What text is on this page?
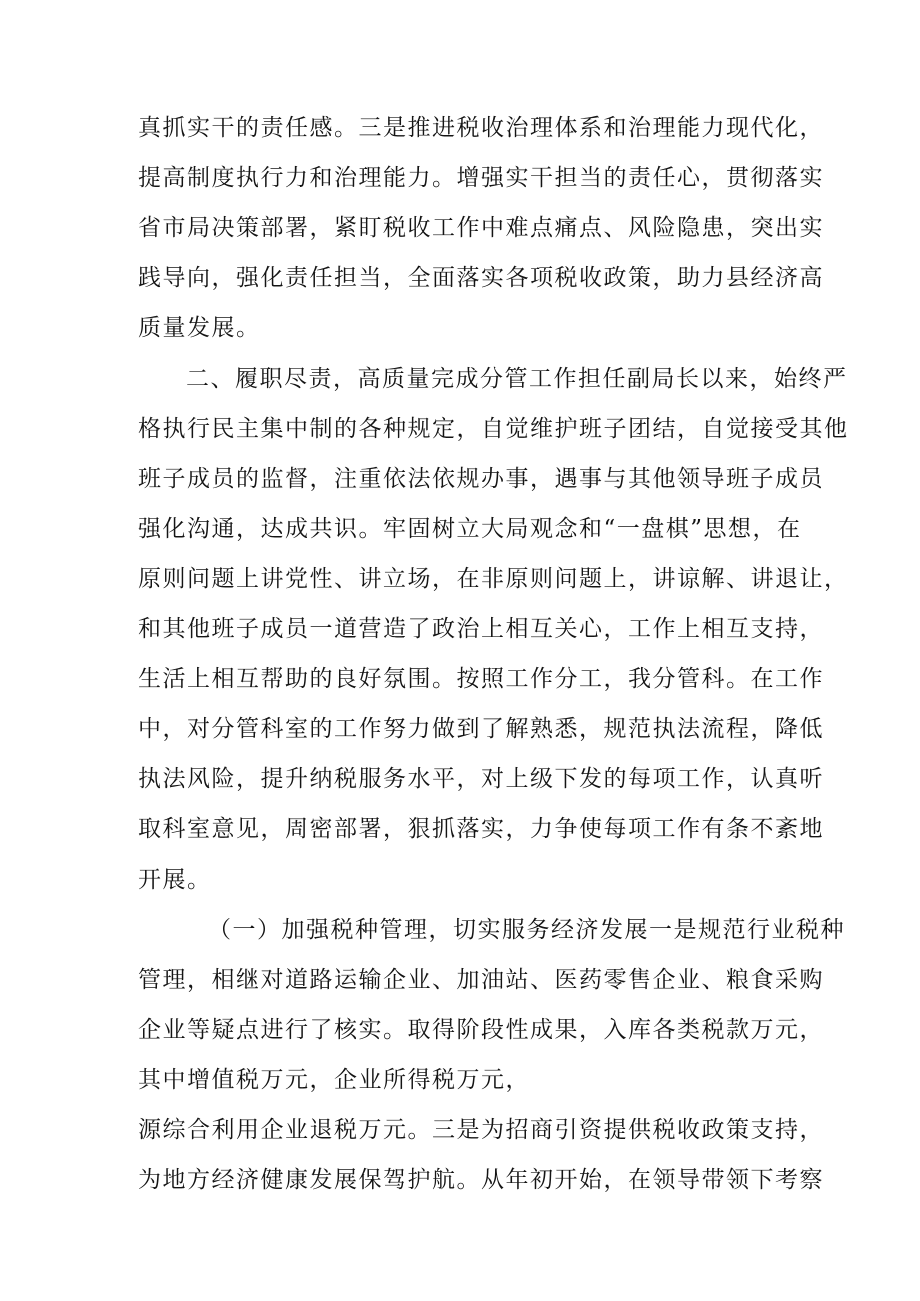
真抓实干的责任感。三是推进税收治理体系和治理能力现代化，
提高制度执行力和治理能力。增强实干担当的责任心，贯彻落实
省市局决策部署，紧盯税收工作中难点痛点、风险隐患，突出实
践导向，强化责任担当，全面落实各项税收政策，助力县经济高
质量发展。
二、履职尽责，高质量完成分管工作担任副局长以来，始终严
格执行民主集中制的各种规定，自觉维护班子团结，自觉接受其他
班子成员的监督，注重依法依规办事，遇事与其他领导班子成员
强化沟通，达成共识。牢固树立大局观念和“一盘棋”思想，在
原则问题上讲党性、讲立场，在非原则问题上，讲谅解、讲退让，
和其他班子成员一道营造了政治上相互关心，工作上相互支持，
生活上相互帮助的良好氛围。按照工作分工，我分管科。在工作
中，对分管科室的工作努力做到了解熟悉，规范执法流程，降低
执法风险，提升纳税服务水平，对上级下发的每项工作，认真听
取科室意见，周密部署，狠抓落实，力争使每项工作有条不紊地
开展。
（一）加强税种管理，切实服务经济发展一是规范行业税种
管理，相继对道路运输企业、加油站、医药零售企业、粮食采购
企业等疑点进行了核实。取得阶段性成果，入库各类税款万元，
其中增值税万元，企业所得税万元，
源综合利用企业退税万元。三是为招商引资提供税收政策支持，
为地方经济健康发展保驾护航。从年初开始，在领导带领下考察
